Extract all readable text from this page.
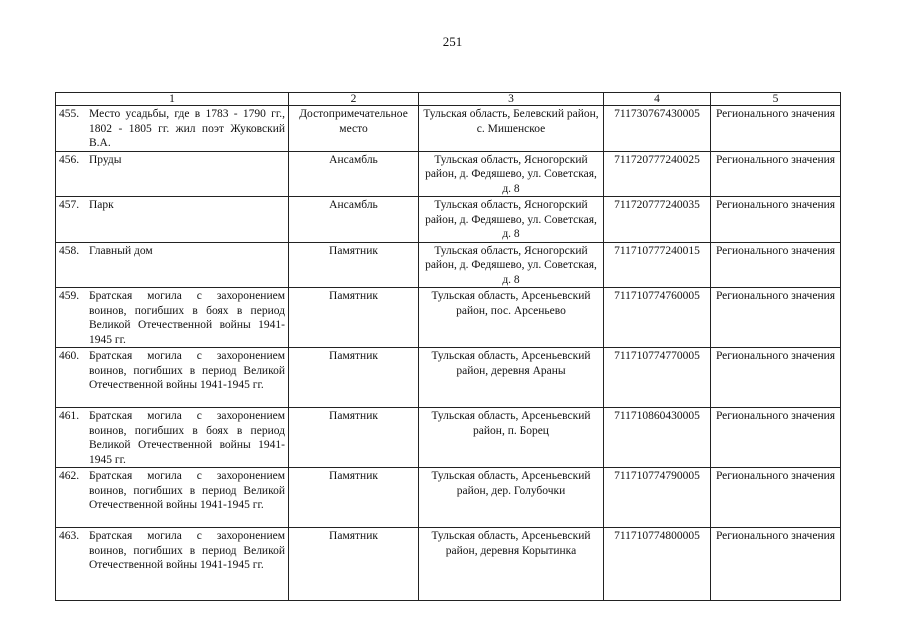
251
1	2	3	4	5

455. Место усадьбы, где в 1783 - 1790 гг., 1802 - 1805 гг. жил поэт Жуковский В.А.	Достопримечательное место	Тульская область, Белевский район, с. Мишенское	711730767430005	Регионального значения

456. Пруды	Ансамбль	Тульская область, Ясногорский район, д. Федяшево, ул. Советская, д. 8	711720777240025	Регионального значения

457. Парк	Ансамбль	Тульская область, Ясногорский район, д. Федяшево, ул. Советская, д. 8	711720777240035	Регионального значения

458. Главный дом	Памятник	Тульская область, Ясногорский район, д. Федяшево, ул. Советская, д. 8	711710777240015	Регионального значения

459. Братская могила с захоронением воинов, погибших в боях в период Великой Отечественной войны 1941-1945 гг.	Памятник	Тульская область, Арсеньевский район, пос. Арсеньево	711710774760005	Регионального значения

460. Братская могила с захоронением воинов, погибших в период Великой Отечественной войны 1941-1945 гг.	Памятник	Тульская область, Арсеньевский район, деревня Араны	711710774770005	Регионального значения

461. Братская могила с захоронением воинов, погибших в боях в период Великой Отечественной войны 1941-1945 гг.	Памятник	Тульская область, Арсеньевский район, п. Борец	711710860430005	Регионального значения

462. Братская могила с захоронением воинов, погибших в период Великой Отечественной войны 1941-1945 гг.	Памятник	Тульская область, Арсеньевский район, дер. Голубочки	711710774790005	Регионального значения

463. Братская могила с захоронением воинов, погибших в период Великой Отечественной войны 1941-1945 гг.	Памятник	Тульская область, Арсеньевский район, деревня Корытинка	711710774800005	Регионального значения
